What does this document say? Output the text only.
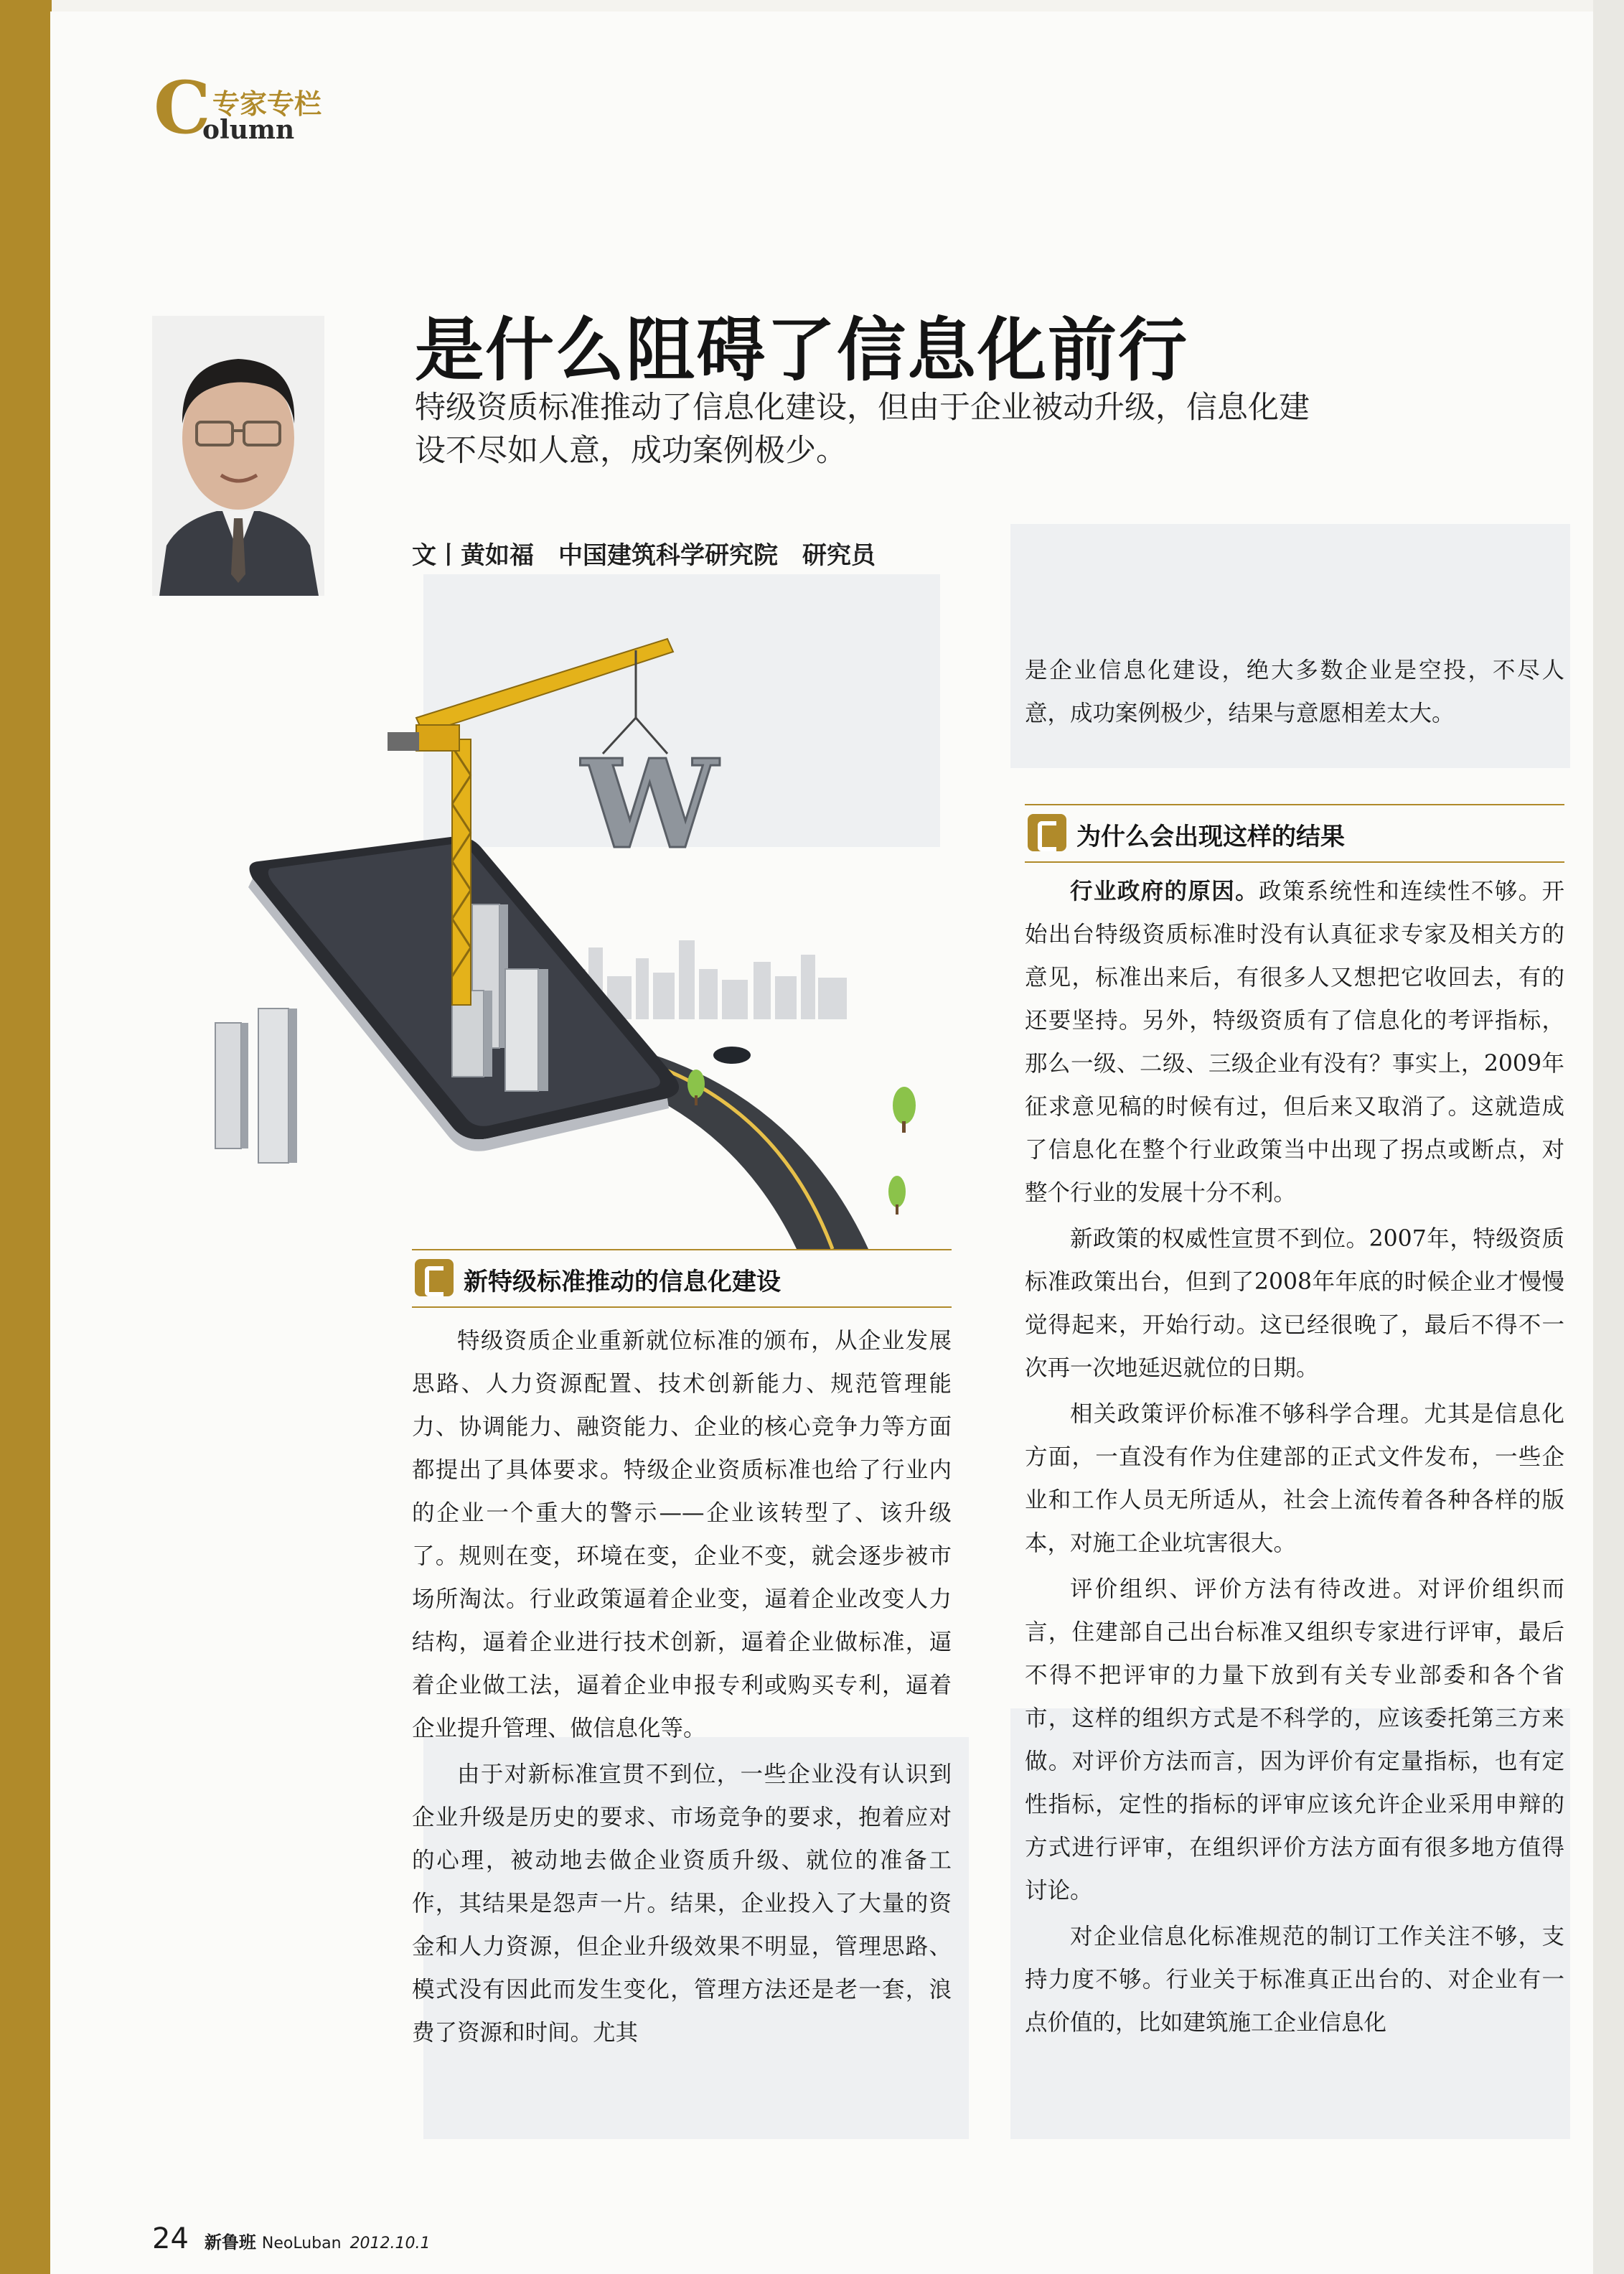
C 专家专栏
olumn
是什么阻碍了信息化前行
特级资质标准推动了信息化建设，但由于企业被动升级，信息化建设不尽如人意，成功案例极少。
文丨黄如福　中国建筑科学研究院　研究员
W
新特级标准推动的信息化建设

特级资质企业重新就位标准的颁布，从企业发展思路、人力资源配置、技术创新能力、规范管理能力、协调能力、融资能力、企业的核心竞争力等方面都提出了具体要求。特级企业资质标准也给了行业内的企业一个重大的警示——企业该转型了、该升级了。规则在变，环境在变，企业不变，就会逐步被市场所淘汰。行业政策逼着企业变，逼着企业改变人力结构，逼着企业进行技术创新，逼着企业做标准，逼着企业做工法，逼着企业申报专利或购买专利，逼着企业提升管理、做信息化等。

由于对新标准宣贯不到位，一些企业没有认识到企业升级是历史的要求、市场竞争的要求，抱着应对的心理，被动地去做企业资质升级、就位的准备工作，其结果是怨声一片。结果，企业投入了大量的资金和人力资源，但企业升级效果不明显，管理思路、模式没有因此而发生变化，管理方法还是老一套，浪费了资源和时间。尤其

是企业信息化建设，绝大多数企业是空投，不尽人意，成功案例极少，结果与意愿相差太大。

为什么会出现这样的结果

行业政府的原因。政策系统性和连续性不够。开始出台特级资质标准时没有认真征求专家及相关方的意见，标准出来后，有很多人又想把它收回去，有的还要坚持。另外，特级资质有了信息化的考评指标，那么一级、二级、三级企业有没有？事实上，2009年征求意见稿的时候有过，但后来又取消了。这就造成了信息化在整个行业政策当中出现了拐点或断点，对整个行业的发展十分不利。

新政策的权威性宣贯不到位。2007年，特级资质标准政策出台，但到了2008年年底的时候企业才慢慢觉得起来，开始行动。这已经很晚了，最后不得不一次再一次地延迟就位的日期。

相关政策评价标准不够科学合理。尤其是信息化方面，一直没有作为住建部的正式文件发布，一些企业和工作人员无所适从，社会上流传着各种各样的版本，对施工企业坑害很大。

评价组织、评价方法有待改进。对评价组织而言，住建部自己出台标准又组织专家进行评审，最后不得不把评审的力量下放到有关专业部委和各个省市，这样的组织方式是不科学的，应该委托第三方来做。对评价方法而言，因为评价有定量指标，也有定性指标，定性的指标的评审应该允许企业采用申辩的方式进行评审，在组织评价方法方面有很多地方值得讨论。

对企业信息化标准规范的制订工作关注不够，支持力度不够。行业关于标准真正出台的、对企业有一点价值的，比如建筑施工企业信息化

24 新鲁班 NeoLuban 2012.10.1
